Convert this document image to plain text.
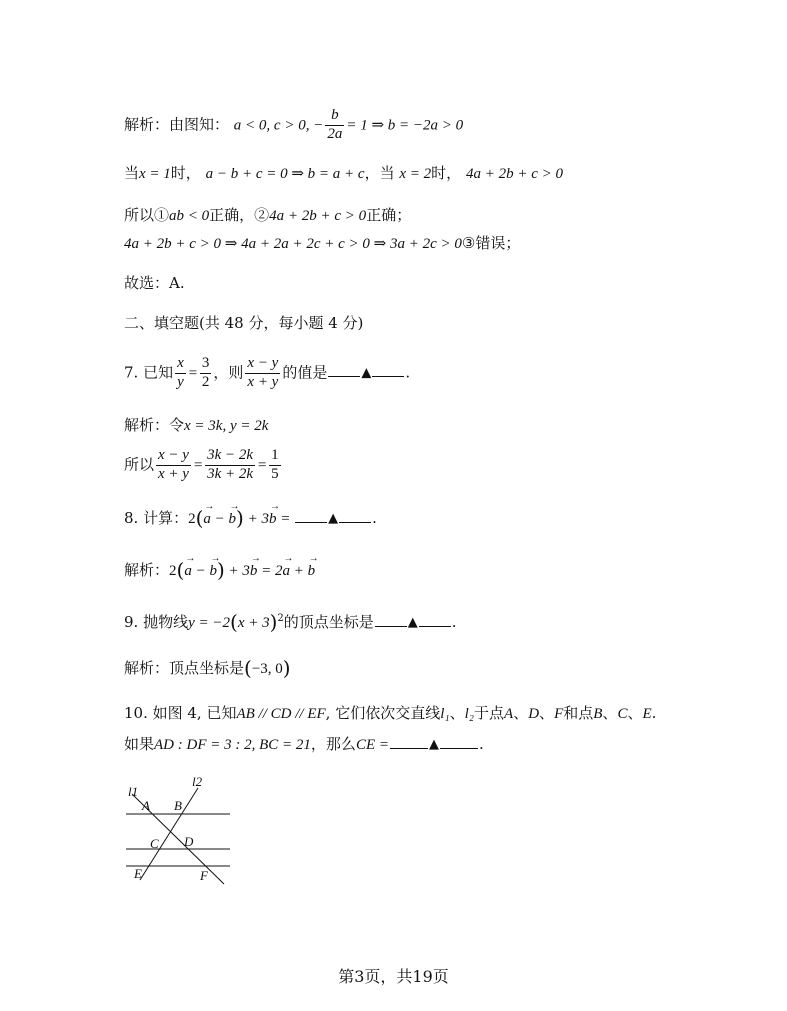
解析：由图知： a < 0, c > 0, − $\frac{b}{2a} = 1$ ⇒ b = −2a > 0
当x = 1时， a − b + c = 0 ⇒ b = a + c，当 x = 2时， 4a + 2b + c > 0
所以①ab < 0正确，②4a + 2b + c > 0正确；
4a + 2b + c > 0 ⇒ 4a + 2a + 2c + c > 0 ⇒ 3a + 2c > 0③错误；
故选：A.
二、填空题(共 48 分，每小题 4 分)
7. 已知 $\frac{x}{y} = \frac{3}{2}$ ，则 $\frac{x - y}{x + y}$ 的值是	▲ .
解析：令x = 3k, y = 2k
所以 $\frac{x - y}{x + y} = \frac{3k - 2k}{3k + 2k} = \frac{1}{5}$
8. 计算：2(→ a − → b) + 3→ b =	▲ .
解析：2(→ a − → b) + 3→ b = 2→ a + → b
9. 抛物线$y = -2(x + 3)^2$的顶点坐标是	▲ .
解析：顶点坐标是(−3, 0)
10. 如图 4, 已知AB // CD // EF, 它们依次交直线l₁、l₂于点A、D、F和点B、C、E.
如果AD : DF = 3 : 2, BC = 21，那么CE =	▲	.
l1
l2
A B
C D
E	F
第3页，共19页
